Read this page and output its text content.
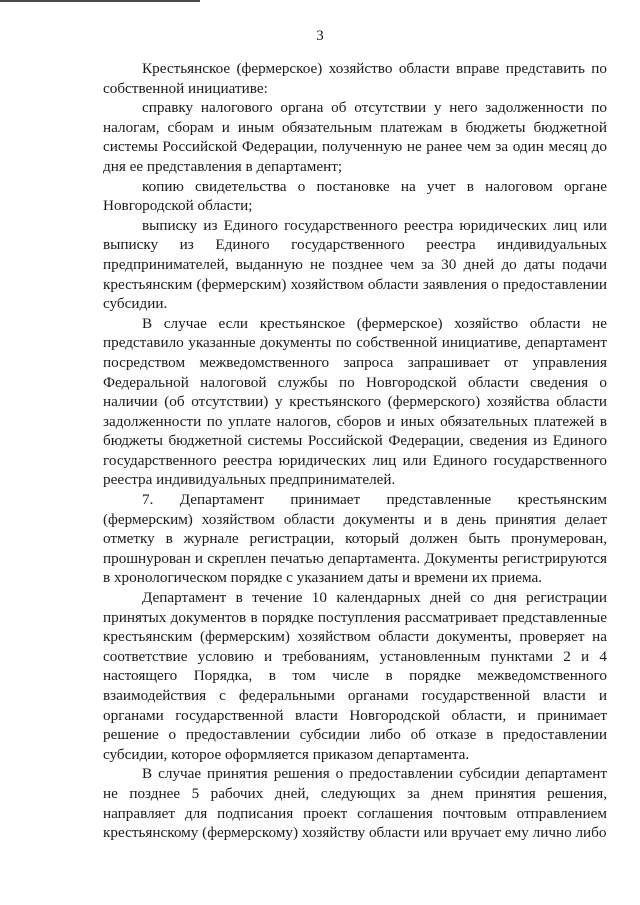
3

Крестьянское (фермерское) хозяйство области вправе представить по собственной инициативе:

справку налогового органа об отсутствии у него задолженности по налогам, сборам и иным обязательным платежам в бюджеты бюджетной системы Российской Федерации, полученную не ранее чем за один месяц до дня ее представления в департамент;

копию свидетельства о постановке на учет в налоговом органе Новгородской области;

выписку из Единого государственного реестра юридических лиц или выписку из Единого государственного реестра индивидуальных предпринимателей, выданную не позднее чем за 30 дней до даты подачи крестьянским (фермерским) хозяйством области заявления о предоставлении субсидии.

В случае если крестьянское (фермерское) хозяйство области не представило указанные документы по собственной инициативе, департамент посредством межведомственного запроса запрашивает от управления Федеральной налоговой службы по Новгородской области сведения о наличии (об отсутствии) у крестьянского (фермерского) хозяйства области задолженности по уплате налогов, сборов и иных обязательных платежей в бюджеты бюджетной системы Российской Федерации, сведения из Единого государственного реестра юридических лиц или Единого государственного реестра индивидуальных предпринимателей.

7. Департамент принимает представленные крестьянским (фермерским) хозяйством области документы и в день принятия делает отметку в журнале регистрации, который должен быть пронумерован, прошнурован и скреплен печатью департамента. Документы регистрируются в хронологическом порядке с указанием даты и времени их приема.

Департамент в течение 10 календарных дней со дня регистрации принятых документов в порядке поступления рассматривает представленные крестьянским (фермерским) хозяйством области документы, проверяет на соответствие условию и требованиям, установленным пунктами 2 и 4 настоящего Порядка, в том числе в порядке межведомственного взаимодействия с федеральными органами государственной власти и органами государственной власти Новгородской области, и принимает решение о предоставлении субсидии либо об отказе в предоставлении субсидии, которое оформляется приказом департамента.

В случае принятия решения о предоставлении субсидии департамент не позднее 5 рабочих дней, следующих за днем принятия решения, направляет для подписания проект соглашения почтовым отправлением крестьянскому (фермерскому) хозяйству области или вручает ему лично либо
